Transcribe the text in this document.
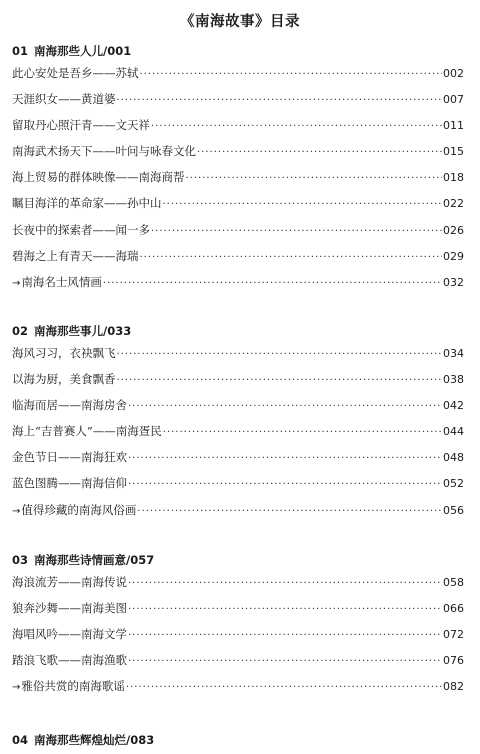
《南海故事》目录
01 南海那些人儿/001
此心安处是吾乡——苏轼 ·····	002
天涯织女——黄道婆 ·····	007
留取丹心照汗青——文天祥 ·····	011
南海武术扬天下——叶问与咏春文化 ·····	015
海上贸易的群体映像——南海商帮 ·····	018
瞩目海洋的革命家——孙中山 ·····	022
长夜中的探索者——闻一多 ·····	026
碧海之上有青天——海瑞 ·····	029
→ 南海名士风情画 ·····	032
02 南海那些事儿/033
海风习习，衣袂飘飞 ·····	034
以海为厨，美食飘香 ·····	038
临海而居——南海房舍 ·····	042
海上“吉普赛人”——南海疍民 ·····	044
金色节日——南海狂欢 ·····	048
蓝色图腾——南海信仰 ·····	052
→ 值得珍藏的南海风俗画 ·····	056
03 南海那些诗情画意/057
海浪流芳——南海传说 ·····	058
狼奔沙舞——南海美图 ·····	066
海唱风吟——南海文学 ·····	072
踏浪飞歌——南海渔歌 ·····	076
→ 雅俗共赏的南海歌谣 ·····	082
04 南海那些辉煌灿烂/083
